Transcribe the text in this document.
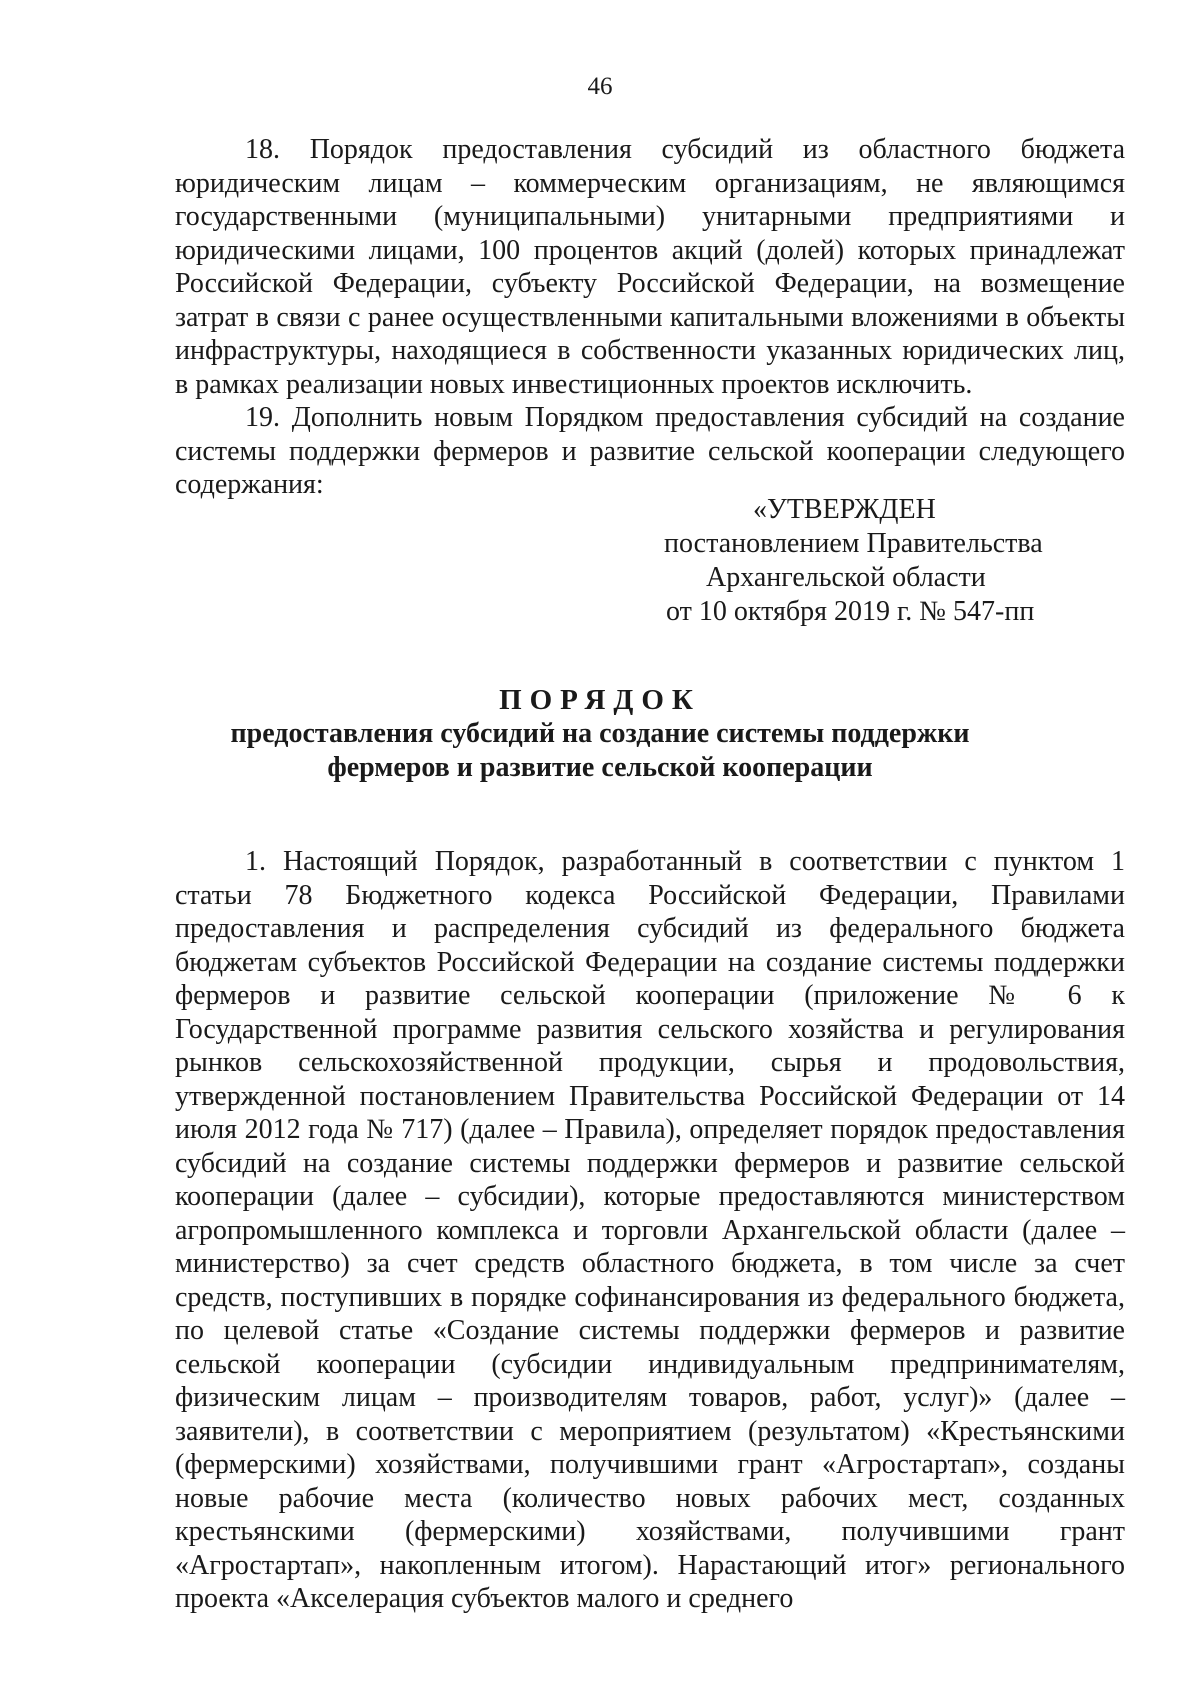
46

18. Порядок предоставления субсидий из областного бюджета юридическим лицам – коммерческим организациям, не являющимся государственными (муниципальными) унитарными предприятиями и юридическими лицами, 100 процентов акций (долей) которых принадлежат Российской Федерации, субъекту Российской Федерации, на возмещение затрат в связи с ранее осуществленными капитальными вложениями в объекты инфраструктуры, находящиеся в собственности указанных юридических лиц, в рамках реализации новых инвестиционных проектов исключить.

19. Дополнить новым Порядком предоставления субсидий на создание системы поддержки фермеров и развитие сельской кооперации следующего содержания:

«УТВЕРЖДЕН
постановлением Правительства
Архангельской области
от 10 октября 2019 г. № 547-пп
ПОРЯДОК
предоставления субсидий на создание системы поддержки
фермеров и развитие сельской кооперации

1. Настоящий Порядок, разработанный в соответствии с пунктом 1 статьи 78 Бюджетного кодекса Российской Федерации, Правилами предоставления и распределения субсидий из федерального бюджета бюджетам субъектов Российской Федерации на создание системы поддержки фермеров и развитие сельской кооперации (приложение № 6 к Государственной программе развития сельского хозяйства и регулирования рынков сельскохозяйственной продукции, сырья и продовольствия, утвержденной постановлением Правительства Российской Федерации от 14 июля 2012 года № 717) (далее – Правила), определяет порядок предоставления субсидий на создание системы поддержки фермеров и развитие сельской кооперации (далее – субсидии), которые предоставляются министерством агропромышленного комплекса и торговли Архангельской области (далее – министерство) за счет средств областного бюджета, в том числе за счет средств, поступивших в порядке софинансирования из федерального бюджета, по целевой статье «Создание системы поддержки фермеров и развитие сельской кооперации (субсидии индивидуальным предпринимателям, физическим лицам – производителям товаров, работ, услуг)» (далее – заявители), в соответствии с мероприятием (результатом) «Крестьянскими (фермерскими) хозяйствами, получившими грант «Агростартап», созданы новые рабочие места (количество новых рабочих мест, созданных крестьянскими (фермерскими) хозяйствами, получившими грант «Агростартап», накопленным итогом). Нарастающий итог» регионального проекта «Акселерация субъектов малого и среднего
